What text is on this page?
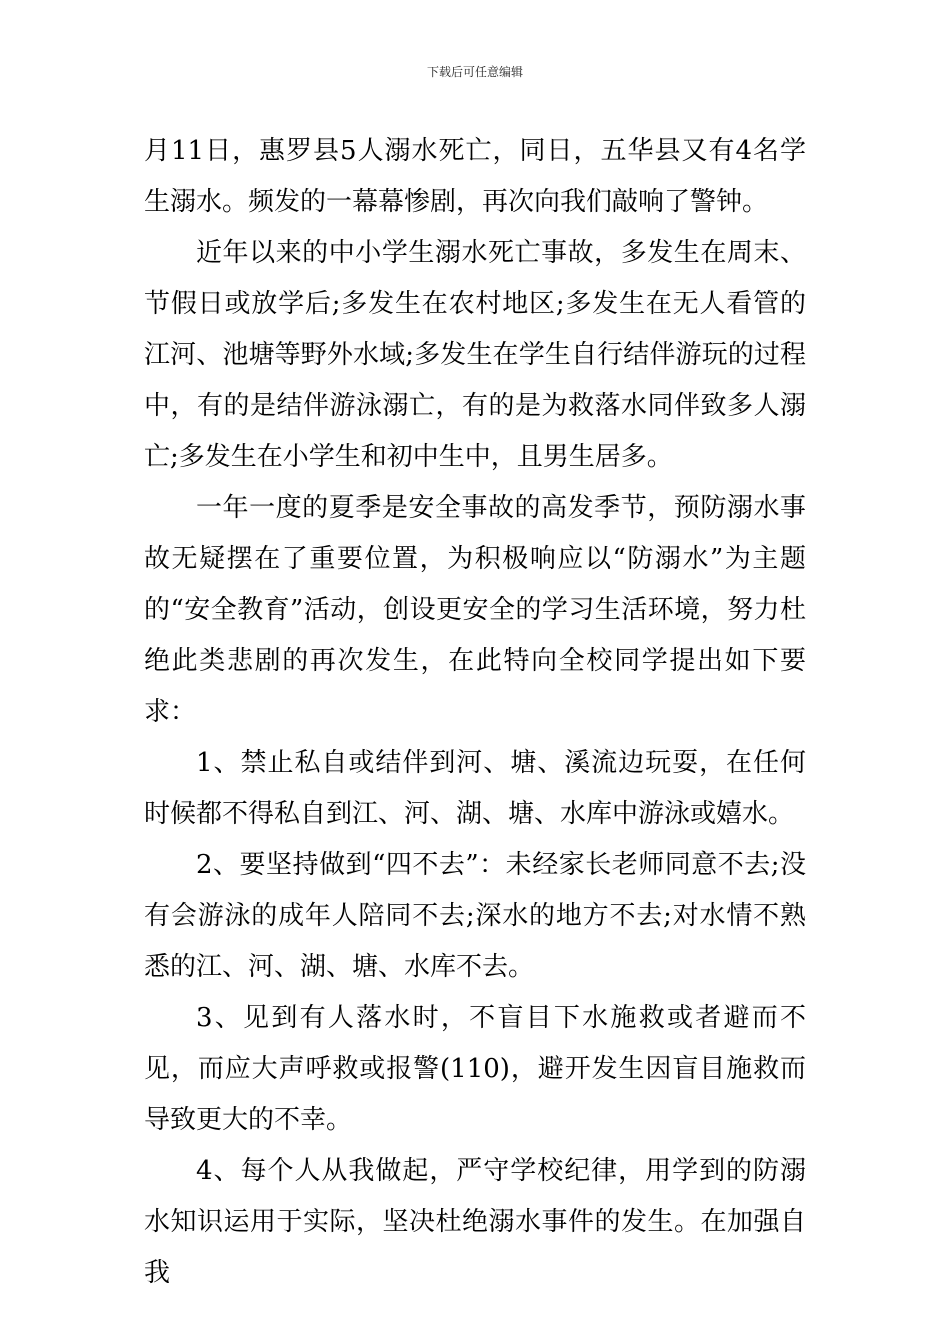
下载后可任意编辑

月11日，惠罗县5人溺水死亡，同日，五华县又有4名学生溺水。频发的一幕幕惨剧，再次向我们敲响了警钟。

近年以来的中小学生溺水死亡事故，多发生在周末、节假日或放学后;多发生在农村地区;多发生在无人看管的江河、池塘等野外水域;多发生在学生自行结伴游玩的过程中，有的是结伴游泳溺亡，有的是为救落水同伴致多人溺亡;多发生在小学生和初中生中，且男生居多。

一年一度的夏季是安全事故的高发季节，预防溺水事故无疑摆在了重要位置，为积极响应以“防溺水”为主题的“安全教育”活动，创设更安全的学习生活环境，努力杜绝此类悲剧的再次发生，在此特向全校同学提出如下要求：

1、禁止私自或结伴到河、塘、溪流边玩耍，在任何时候都不得私自到江、河、湖、塘、水库中游泳或嬉水。

2、要坚持做到“四不去”：未经家长老师同意不去;没有会游泳的成年人陪同不去;深水的地方不去;对水情不熟悉的江、河、湖、塘、水库不去。

3、见到有人落水时，不盲目下水施救或者避而不见，而应大声呼救或报警(110)，避开发生因盲目施救而导致更大的不幸。

4、每个人从我做起，严守学校纪律，用学到的防溺水知识运用于实际，坚决杜绝溺水事件的发生。在加强自我
